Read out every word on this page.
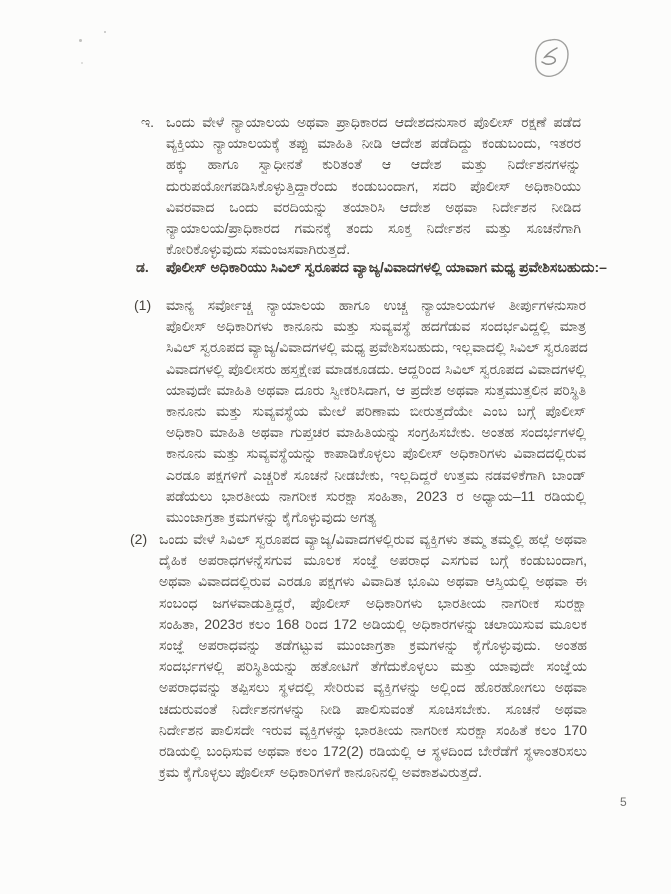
ಇ. ಒಂದು ವೇಳೆ ನ್ಯಾಯಾಲಯ ಅಥವಾ ಪ್ರಾಧಿಕಾರದ ಆದೇಶದನುಸಾರ ಪೊಲೀಸ್ ರಕ್ಷಣೆ ಪಡೆದ
ವ್ಯಕ್ತಿಯು ನ್ಯಾಯಾಲಯಕ್ಕೆ ತಪ್ಪು ಮಾಹಿತಿ ನೀಡಿ ಆದೇಶ ಪಡೆದಿದ್ದು ಕಂಡುಬಂದು, ಇತರರ
ಹಕ್ಕು ಹಾಗೂ ಸ್ವಾಧೀನತೆ ಕುರಿತಂತೆ ಆ ಆದೇಶ ಮತ್ತು ನಿರ್ದೇಶನಗಳನ್ನು
ದುರುಪಯೋಗಪಡಿಸಿಕೊಳ್ಳುತ್ತಿದ್ದಾರೆಂದು ಕಂಡುಬಂದಾಗ, ಸದರಿ ಪೊಲೀಸ್ ಅಧಿಕಾರಿಯು
ವಿವರವಾದ ಒಂದು ವರದಿಯನ್ನು ತಯಾರಿಸಿ ಆದೇಶ ಅಥವಾ ನಿರ್ದೇಶನ ನೀಡಿದ
ನ್ಯಾಯಾಲಯ/ಪ್ರಾಧಿಕಾರದ ಗಮನಕ್ಕೆ ತಂದು ಸೂಕ್ತ ನಿರ್ದೇಶನ ಮತ್ತು ಸೂಚನೆಗಾಗಿ
ಕೋರಿಕೊಳ್ಳುವುದು ಸಮಂಜಸವಾಗಿರುತ್ತದೆ.
ಡ. ಪೊಲೀಸ್ ಅಧಿಕಾರಿಯು ಸಿವಿಲ್ ಸ್ವರೂಪದ ವ್ಯಾಜ್ಯ/ವಿವಾದಗಳಲ್ಲಿ ಯಾವಾಗ ಮಧ್ಯ ಪ್ರವೇಶಿಸಬಹುದು:–
(1) ಮಾನ್ಯ ಸರ್ವೋಚ್ಚ ನ್ಯಾಯಾಲಯ ಹಾಗೂ ಉಚ್ಚ ನ್ಯಾಯಾಲಯಗಳ ತೀರ್ಪುಗಳನುಸಾರ
ಪೊಲೀಸ್ ಅಧಿಕಾರಿಗಳು ಕಾನೂನು ಮತ್ತು ಸುವ್ಯವಸ್ಥೆ ಹದಗೆಡುವ ಸಂದರ್ಭವಿದ್ದಲ್ಲಿ ಮಾತ್ರ
ಸಿವಿಲ್ ಸ್ವರೂಪದ ವ್ಯಾಜ್ಯ/ವಿವಾದಗಳಲ್ಲಿ ಮಧ್ಯ ಪ್ರವೇಶಿಸಬಹುದು, ಇಲ್ಲವಾದಲ್ಲಿ ಸಿವಿಲ್ ಸ್ವರೂಪದ
ವಿವಾದಗಳಲ್ಲಿ ಪೊಲೀಸರು ಹಸ್ತಕ್ಷೇಪ ಮಾಡಕೂಡದು. ಆದ್ದರಿಂದ ಸಿವಿಲ್ ಸ್ವರೂಪದ ವಿವಾದಗಳಲ್ಲಿ
ಯಾವುದೇ ಮಾಹಿತಿ ಅಥವಾ ದೂರು ಸ್ವೀಕರಿಸಿದಾಗ, ಆ ಪ್ರದೇಶ ಅಥವಾ ಸುತ್ತಮುತ್ತಲಿನ ಪರಿಸ್ಥಿತಿ
ಕಾನೂನು ಮತ್ತು ಸುವ್ಯವಸ್ಥೆಯ ಮೇಲೆ ಪರಿಣಾಮ ಬೀರುತ್ತದೆಯೇ ಎಂಬ ಬಗ್ಗೆ ಪೊಲೀಸ್
ಅಧಿಕಾರಿ ಮಾಹಿತಿ ಅಥವಾ ಗುಪ್ತಚರ ಮಾಹಿತಿಯನ್ನು ಸಂಗ್ರಹಿಸಬೇಕು. ಅಂತಹ ಸಂದರ್ಭಗಳಲ್ಲಿ
ಕಾನೂನು ಮತ್ತು ಸುವ್ಯವಸ್ಥೆಯನ್ನು ಕಾಪಾಡಿಕೊಳ್ಳಲು ಪೊಲೀಸ್ ಅಧಿಕಾರಿಗಳು ವಿವಾದದಲ್ಲಿರುವ
ಎರಡೂ ಪಕ್ಷಗಳಿಗೆ ಎಚ್ಚರಿಕೆ ಸೂಚನೆ ನೀಡಬೇಕು, ಇಲ್ಲದಿದ್ದರೆ ಉತ್ತಮ ನಡವಳಿಕೆಗಾಗಿ ಬಾಂಡ್
ಪಡೆಯಲು ಭಾರತೀಯ ನಾಗರೀಕ ಸುರಕ್ಷಾ ಸಂಹಿತಾ, 2023 ರ ಅಧ್ಯಾಯ–11 ರಡಿಯಲ್ಲಿ
ಮುಂಜಾಗ್ರತಾ ಕ್ರಮಗಳನ್ನು ಕೈಗೊಳ್ಳುವುದು ಅಗತ್ಯ
(2) ಒಂದು ವೇಳೆ ಸಿವಿಲ್ ಸ್ವರೂಪದ ವ್ಯಾಜ್ಯ/ವಿವಾದಗಳಲ್ಲಿರುವ ವ್ಯಕ್ತಿಗಳು ತಮ್ಮ ತಮ್ಮಲ್ಲಿ ಹಲ್ಲೆ ಅಥವಾ
ದೈಹಿಕ ಅಪರಾಧಗಳನ್ನೆಸಗುವ ಮೂಲಕ ಸಂಜ್ಞೆ ಅಪರಾಧ ಎಸಗುವ ಬಗ್ಗೆ ಕಂಡುಬಂದಾಗ,
ಅಥವಾ ವಿವಾದದಲ್ಲಿರುವ ಎರಡೂ ಪಕ್ಷಗಳು ವಿವಾದಿತ ಭೂಮಿ ಅಥವಾ ಆಸ್ತಿಯಲ್ಲಿ ಅಥವಾ ಈ
ಸಂಬಂಧ ಜಗಳವಾಡುತ್ತಿದ್ದರೆ, ಪೊಲೀಸ್ ಅಧಿಕಾರಿಗಳು ಭಾರತೀಯ ನಾಗರೀಕ ಸುರಕ್ಷಾ
ಸಂಹಿತಾ, 2023ರ ಕಲಂ 168 ರಿಂದ 172 ಅಡಿಯಲ್ಲಿ ಅಧಿಕಾರಗಳನ್ನು ಚಲಾಯಿಸುವ ಮೂಲಕ
ಸಂಜ್ಞೆ ಅಪರಾಧವನ್ನು ತಡೆಗಟ್ಟುವ ಮುಂಜಾಗ್ರತಾ ಕ್ರಮಗಳನ್ನು ಕೈಗೊಳ್ಳುವುದು. ಅಂತಹ
ಸಂದರ್ಭಗಳಲ್ಲಿ ಪರಿಸ್ಥಿತಿಯನ್ನು ಹತೋಟಿಗೆ ತೆಗೆದುಕೊಳ್ಳಲು ಮತ್ತು ಯಾವುದೇ ಸಂಜ್ಞೆಯ
ಅಪರಾಧವನ್ನು ತಪ್ಪಿಸಲು ಸ್ಥಳದಲ್ಲಿ ಸೇರಿರುವ ವ್ಯಕ್ತಿಗಳನ್ನು ಅಲ್ಲಿಂದ ಹೊರಹೋಗಲು ಅಥವಾ
ಚದುರುವಂತೆ ನಿರ್ದೇಶನಗಳನ್ನು ನೀಡಿ ಪಾಲಿಸುವಂತೆ ಸೂಚಿಸಬೇಕು. ಸೂಚನೆ ಅಥವಾ
ನಿರ್ದೇಶನ ಪಾಲಿಸದೇ ಇರುವ ವ್ಯಕ್ತಿಗಳನ್ನು ಭಾರತೀಯ ನಾಗರೀಕ ಸುರಕ್ಷಾ ಸಂಹಿತೆ ಕಲಂ 170
ರಡಿಯಲ್ಲಿ ಬಂಧಿಸುವ ಅಥವಾ ಕಲಂ 172(2) ರಡಿಯಲ್ಲಿ ಆ ಸ್ಥಳದಿಂದ ಬೇರೆಡೆಗೆ ಸ್ಥಳಾಂತರಿಸಲು
ಕ್ರಮ ಕೈಗೊಳ್ಳಲು ಪೊಲೀಸ್ ಅಧಿಕಾರಿಗಳಿಗೆ ಕಾನೂನಿನಲ್ಲಿ ಅವಕಾಶವಿರುತ್ತದೆ.
5
